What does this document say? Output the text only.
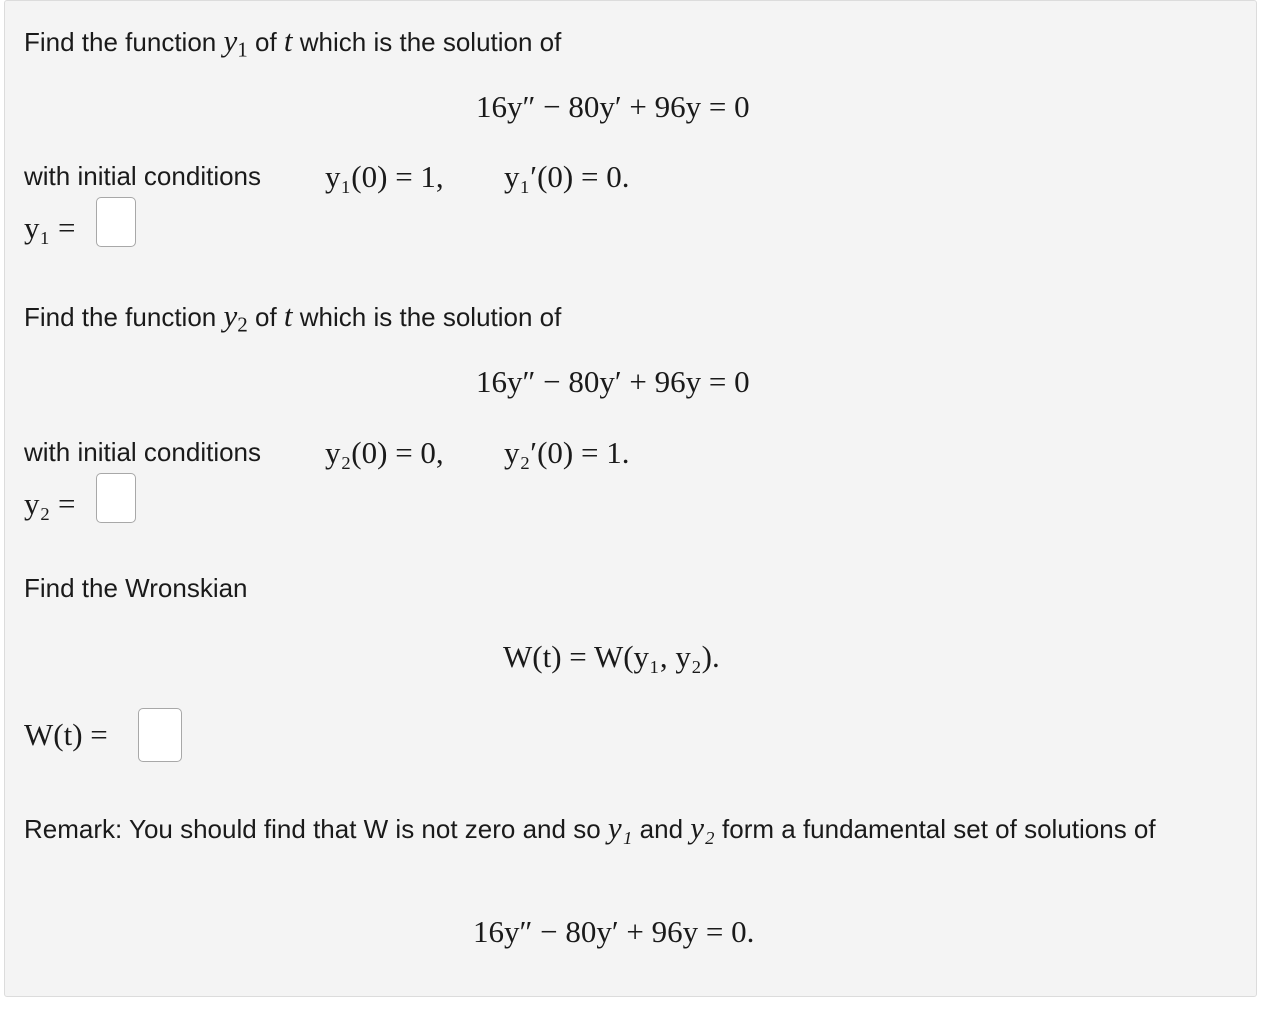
Find the function $y_1$ of t which is the solution of
16y″ − 80y′ + 96y = 0
with initial conditions y₁(0) = 1, y₁′(0) = 0.
y₁ =
Find the function $y_2$ of t which is the solution of
16y″ − 80y′ + 96y = 0
with initial conditions y₂(0) = 0, y₂′(0) = 1.
y₂ =
Find the Wronskian
W(t) = W(y₁, y₂).
W(t) =
Remark: You should find that W is not zero and so y₁ and y₂ form a fundamental set of solutions of
16y″ − 80y′ + 96y = 0.
